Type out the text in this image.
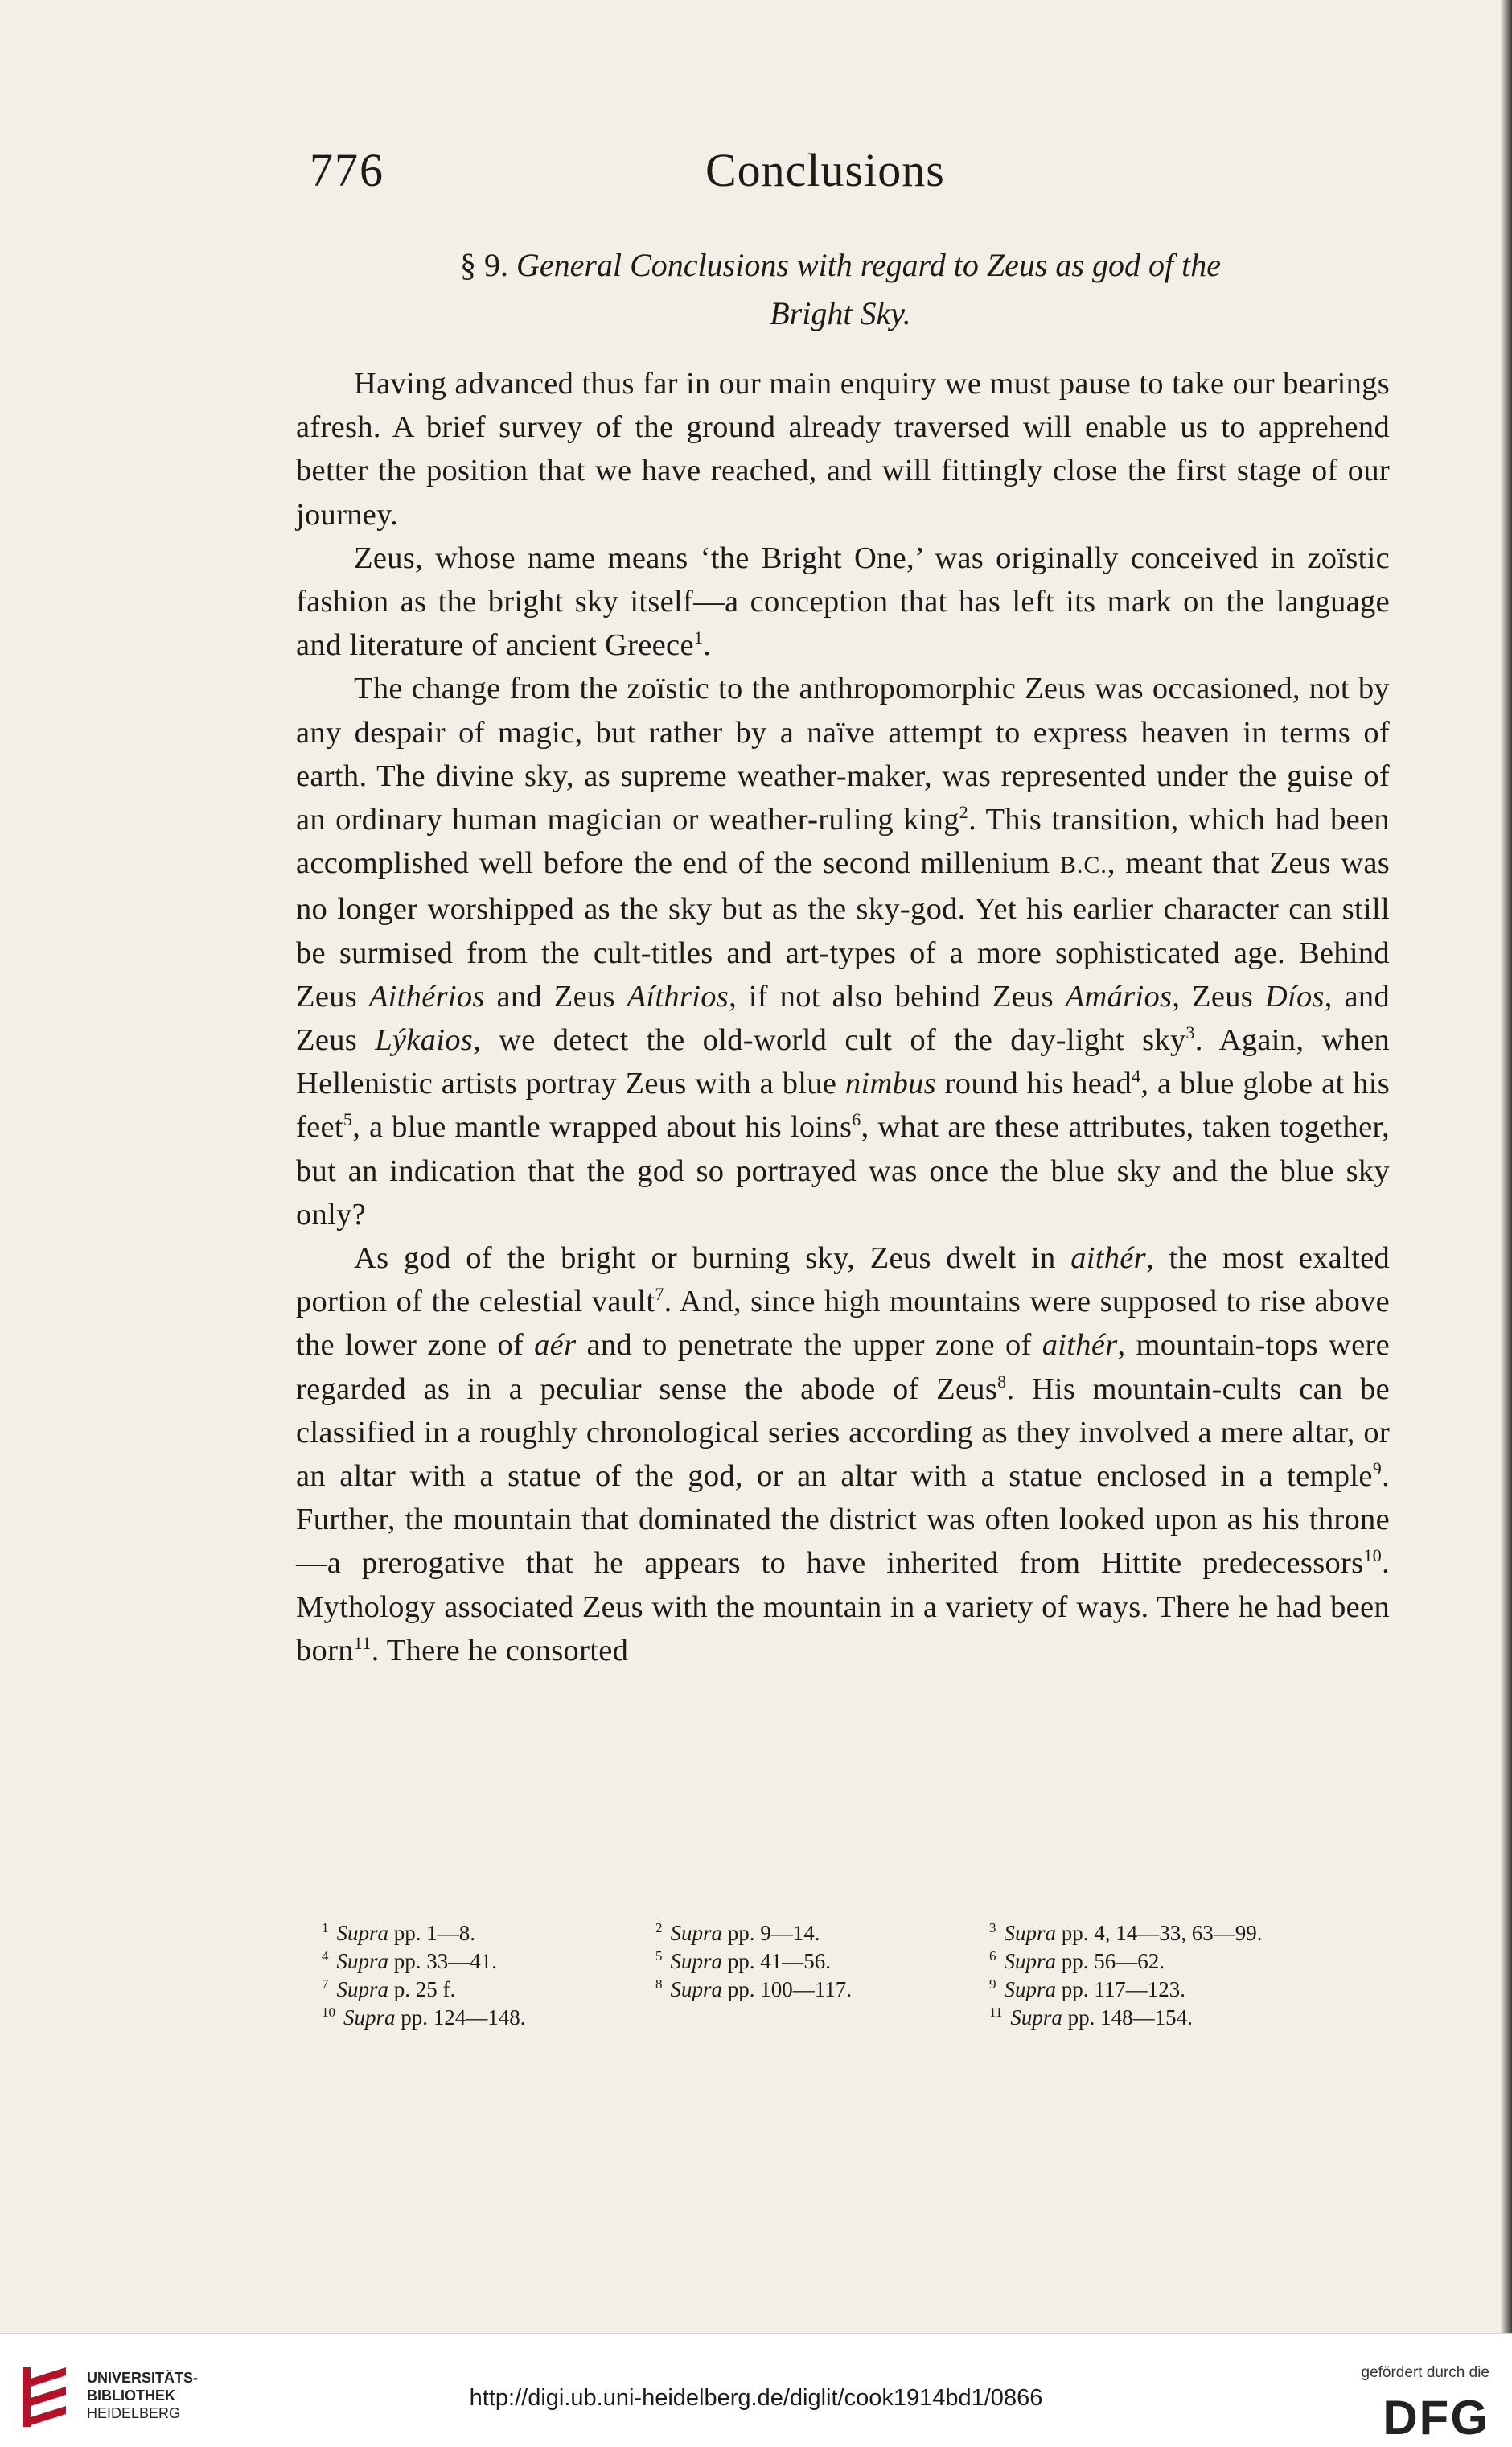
776	Conclusions
§ 9. General Conclusions with regard to Zeus as god of the
Bright Sky.

Having advanced thus far in our main enquiry we must pause to take our bearings afresh. A brief survey of the ground already traversed will enable us to apprehend better the position that we have reached, and will fittingly close the first stage of our journey.

Zeus, whose name means ‘the Bright One,’ was originally conceived in zoïstic fashion as the bright sky itself—a conception that has left its mark on the language and literature of ancient Greece$^1$.

The change from the zoïstic to the anthropomorphic Zeus was occasioned, not by any despair of magic, but rather by a naïve attempt to express heaven in terms of earth. The divine sky, as supreme weather-maker, was represented under the guise of an ordinary human magician or weather-ruling king$^2$. This transition, which had been accomplished well before the end of the second millenium B.C., meant that Zeus was no longer worshipped as the sky but as the sky-god. Yet his earlier character can still be surmised from the cult-titles and art-types of a more sophisticated age. Behind Zeus Aithérios and Zeus Aíthrios, if not also behind Zeus Amários, Zeus Díos, and Zeus Lýkaios, we detect the old-world cult of the day-light sky$^3$. Again, when Hellenistic artists portray Zeus with a blue nimbus round his head$^4$, a blue globe at his feet$^5$, a blue mantle wrapped about his loins$^6$, what are these attributes, taken together, but an indication that the god so portrayed was once the blue sky and the blue sky only?

As god of the bright or burning sky, Zeus dwelt in aithér, the most exalted portion of the celestial vault$^7$. And, since high mountains were supposed to rise above the lower zone of aér and to penetrate the upper zone of aithér, mountain-tops were regarded as in a peculiar sense the abode of Zeus$^8$. His mountain-cults can be classified in a roughly chronological series according as they involved a mere altar, or an altar with a statue of the god, or an altar with a statue enclosed in a temple$^9$. Further, the mountain that dominated the district was often looked upon as his throne—a prerogative that he appears to have inherited from Hittite predecessors$^{10}$. Mythology associated Zeus with the mountain in a variety of ways. There he had been born$^{11}$. There he consorted

$^1$ Supra pp. 1—8.	$^2$ Supra pp. 9—14.	$^3$ Supra pp. 4, 14—33, 63—99.
$^4$ Supra pp. 33—41.	$^5$ Supra pp. 41—56.	$^6$ Supra pp. 56—62.
$^7$ Supra p. 25 f.	$^8$ Supra pp. 100—117.	$^9$ Supra pp. 117—123.
$^{10}$ Supra pp. 124—148.	$^{11}$ Supra pp. 148—154.
UNIVERSITÄTS-
BIBLIOTHEK
HEIDELBERG
http://digi.ub.uni-heidelberg.de/diglit/cook1914bd1/0866
gefördert durch die
DFG
